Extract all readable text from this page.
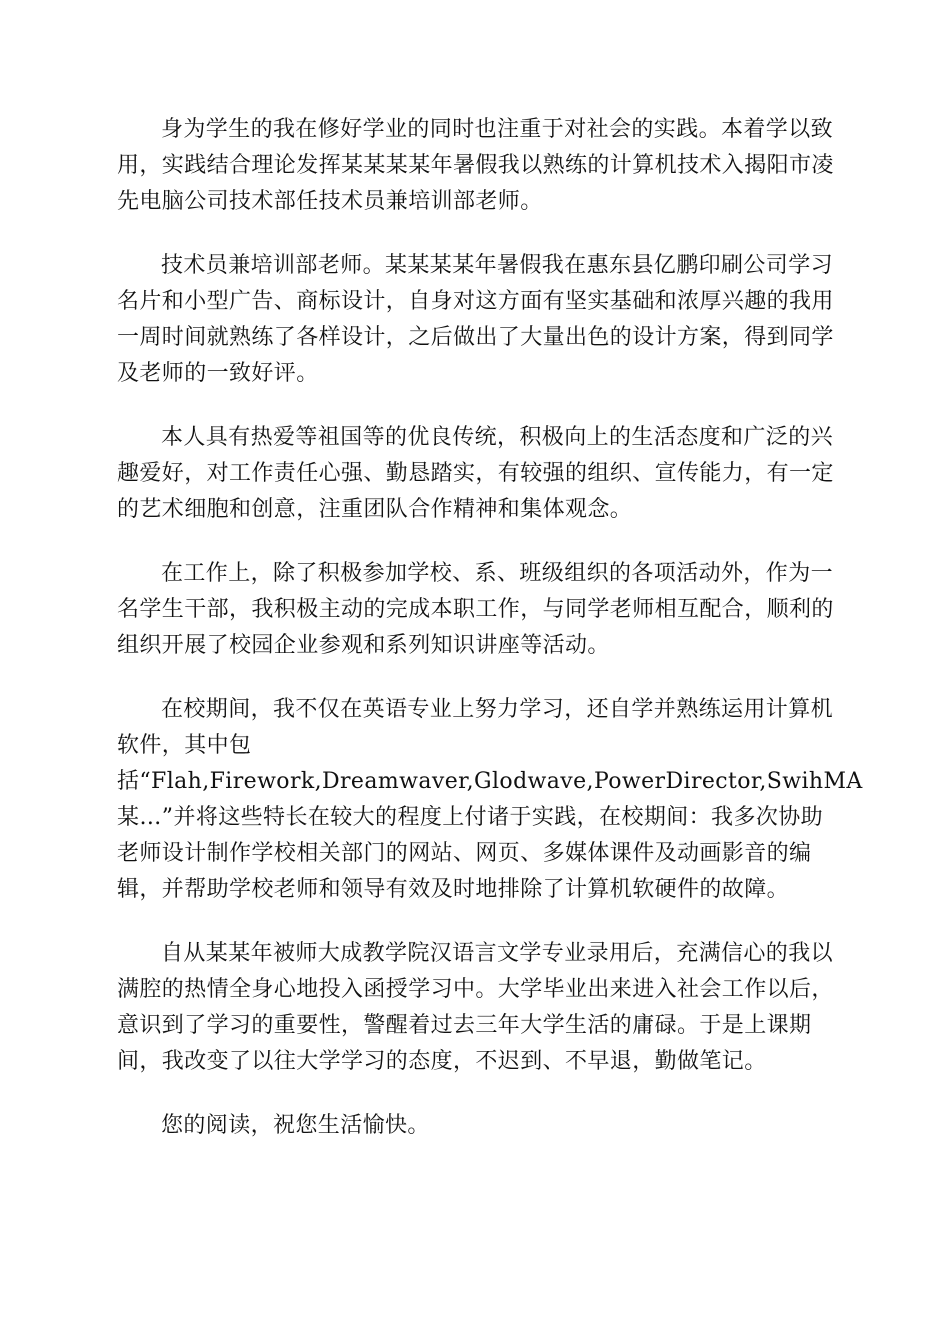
身为学生的我在修好学业的同时也注重于对社会的实践。本着学以致
用，实践结合理论发挥某某某某年暑假我以熟练的计算机技术入揭阳市凌
先电脑公司技术部任技术员兼培训部老师。

技术员兼培训部老师。某某某某年暑假我在惠东县亿鹏印刷公司学习
名片和小型广告、商标设计，自身对这方面有坚实基础和浓厚兴趣的我用
一周时间就熟练了各样设计，之后做出了大量出色的设计方案，得到同学
及老师的一致好评。

本人具有热爱等祖国等的优良传统，积极向上的生活态度和广泛的兴
趣爱好，对工作责任心强、勤恳踏实，有较强的组织、宣传能力，有一定
的艺术细胞和创意，注重团队合作精神和集体观念。

在工作上，除了积极参加学校、系、班级组织的各项活动外，作为一
名学生干部，我积极主动的完成本职工作，与同学老师相互配合，顺利的
组织开展了校园企业参观和系列知识讲座等活动。

在校期间，我不仅在英语专业上努力学习，还自学并熟练运用计算机
软件，其中包
括“Flah,Firework,Dreamwaver,Glodwave,PowerDirector,SwihMA
某…”并将这些特长在较大的程度上付诸于实践，在校期间：我多次协助
老师设计制作学校相关部门的网站、网页、多媒体课件及动画影音的编
辑，并帮助学校老师和领导有效及时地排除了计算机软硬件的故障。

自从某某年被师大成教学院汉语言文学专业录用后，充满信心的我以
满腔的热情全身心地投入函授学习中。大学毕业出来进入社会工作以后，
意识到了学习的重要性，警醒着过去三年大学生活的庸碌。于是上课期
间，我改变了以往大学学习的态度，不迟到、不早退，勤做笔记。

您的阅读，祝您生活愉快。
